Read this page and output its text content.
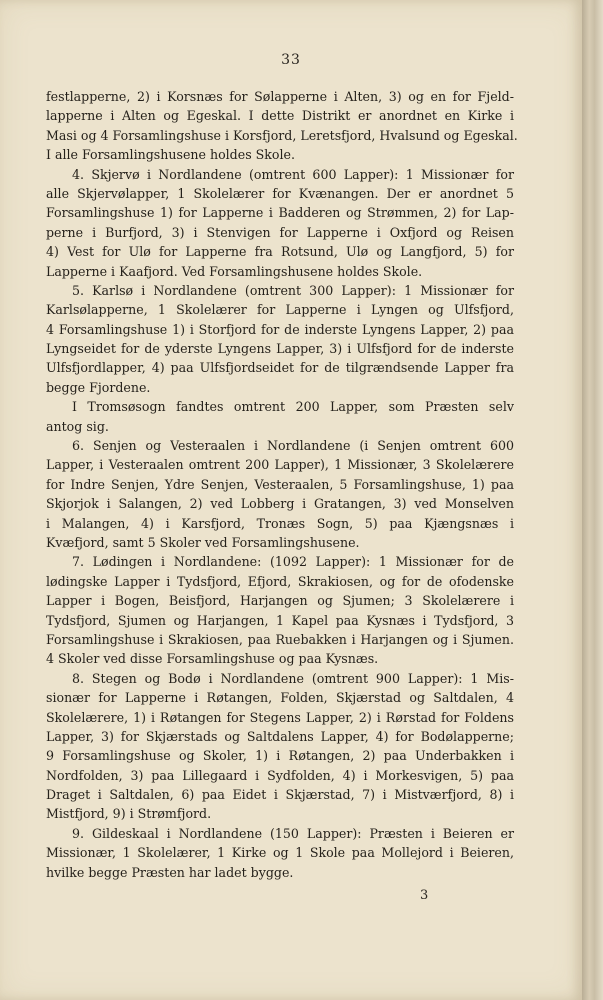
33
festlapperne, 2) i Korsnæs for Sølapperne i Alten, 3) og en for Fjeld-
lapperne i Alten og Egeskal. I dette Distrikt er anordnet en Kirke i
Masi og 4 Forsamlingshuse i Korsfjord, Leretsfjord, Hvalsund og Egeskal.
I alle Forsamlingshusene holdes Skole.
4. Skjervø i Nordlandene (omtrent 600 Lapper): 1 Missionær for
alle Skjervølapper, 1 Skolelærer for Kvænangen. Der er anordnet 5
Forsamlingshuse 1) for Lapperne i Badderen og Strømmen, 2) for Lap-
perne i Burfjord, 3) i Stenvigen for Lapperne i Oxfjord og Reisen
4) Vest for Ulø for Lapperne fra Rotsund, Ulø og Langfjord, 5) for
Lapperne i Kaafjord. Ved Forsamlingshusene holdes Skole.
5. Karlsø i Nordlandene (omtrent 300 Lapper): 1 Missionær for
Karlsølapperne, 1 Skolelærer for Lapperne i Lyngen og Ulfsfjord,
4 Forsamlingshuse 1) i Storfjord for de inderste Lyngens Lapper, 2) paa
Lyngseidet for de yderste Lyngens Lapper, 3) i Ulfsfjord for de inderste
Ulfsfjordlapper, 4) paa Ulfsfjordseidet for de tilgrændsende Lapper fra
begge Fjordene.
I Tromsøsogn fandtes omtrent 200 Lapper, som Præsten selv
antog sig.
6. Senjen og Vesteraalen i Nordlandene (i Senjen omtrent 600
Lapper, i Vesteraalen omtrent 200 Lapper), 1 Missionær, 3 Skolelærere
for Indre Senjen, Ydre Senjen, Vesteraalen, 5 Forsamlingshuse, 1) paa
Skjorjok i Salangen, 2) ved Lobberg i Gratangen, 3) ved Monselven
i Malangen, 4) i Karsfjord, Tronæs Sogn, 5) paa Kjængsnæs i
Kvæfjord, samt 5 Skoler ved Forsamlingshusene.
7. Lødingen i Nordlandene: (1092 Lapper): 1 Missionær for de
lødingske Lapper i Tydsfjord, Efjord, Skrakiosen, og for de ofodenske
Lapper i Bogen, Beisfjord, Harjangen og Sjumen; 3 Skolelærere i
Tydsfjord, Sjumen og Harjangen, 1 Kapel paa Kysnæs i Tydsfjord, 3
Forsamlingshuse i Skrakiosen, paa Ruebakken i Harjangen og i Sjumen.
4 Skoler ved disse Forsamlingshuse og paa Kysnæs.
8. Stegen og Bodø i Nordlandene (omtrent 900 Lapper): 1 Mis-
sionær for Lapperne i Røtangen, Folden, Skjærstad og Saltdalen, 4
Skolelærere, 1) i Røtangen for Stegens Lapper, 2) i Rørstad for Foldens
Lapper, 3) for Skjærstads og Saltdalens Lapper, 4) for Bodølapperne;
9 Forsamlingshuse og Skoler, 1) i Røtangen, 2) paa Underbakken i
Nordfolden, 3) paa Lillegaard i Sydfolden, 4) i Morkesvigen, 5) paa
Draget i Saltdalen, 6) paa Eidet i Skjærstad, 7) i Mistværfjord, 8) i
Mistfjord, 9) i Strømfjord.
9. Gildeskaal i Nordlandene (150 Lapper): Præsten i Beieren er
Missionær, 1 Skolelærer, 1 Kirke og 1 Skole paa Mollejord i Beieren,
hvilke begge Præsten har ladet bygge.
3
